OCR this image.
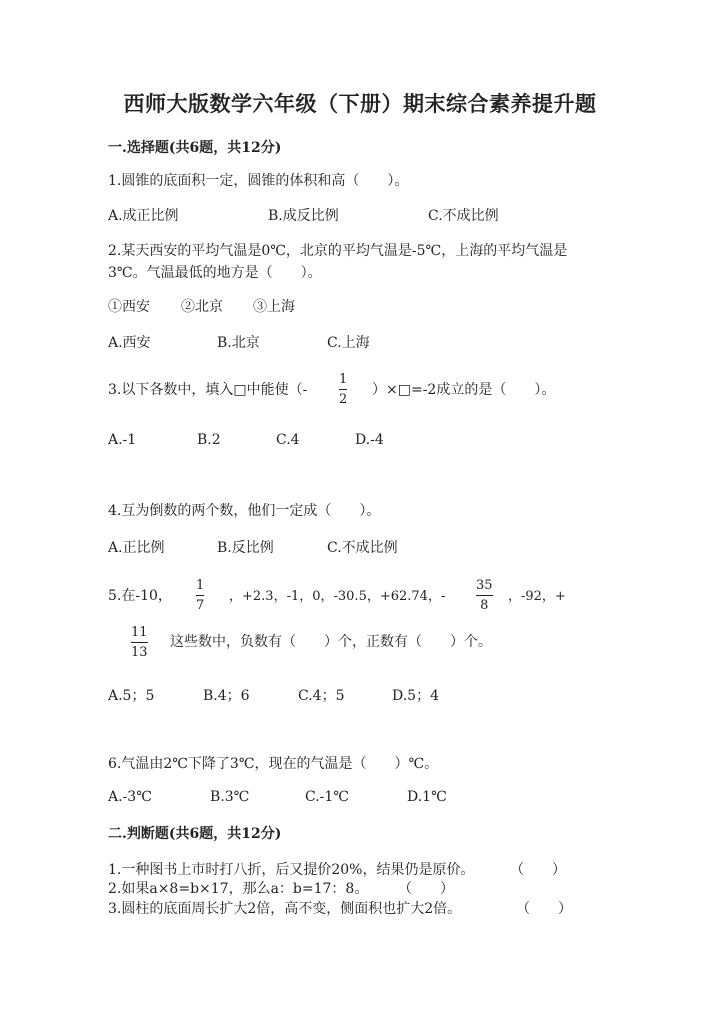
西师大版数学六年级（下册）期末综合素养提升题
一.选择题(共6题，共12分)
1.圆锥的底面积一定，圆锥的体积和高（　　）。
A.成正比例	B.成反比例	C.不成比例
2.某天西安的平均气温是0℃，北京的平均气温是-5℃，上海的平均气温是
3℃。气温最低的地方是（　　）。
①西安 ②北京 ③上海
A.西安	B.北京	C.上海
3.以下各数中，填入□中能使（-
1
2
）×□=-2成立的是（　　）。
A.-1	B.2	C.4	D.-4
4.互为倒数的两个数，他们一定成（　　）。
A.正比例	B.反比例	C.不成比例
5.在-10，
1
7
，+2.3，-1，0，-30.5，+62.74，-
35
8
，-92，+
11
13
这些数中，负数有（　　）个，正数有（　　）个。
A.5；5	B.4；6	C.4；5	D.5；4
6.气温由2℃下降了3℃，现在的气温是（　　）℃。
A.-3℃	B.3℃	C.-1℃	D.1℃
二.判断题(共6题，共12分)
1.一种图书上市时打八折，后又提价20%，结果仍是原价。	（　　）
2.如果a×8=b×17，那么a：b=17：8。 （　　）
3.圆柱的底面周长扩大2倍，高不变，侧面积也扩大2倍。	（　　）
